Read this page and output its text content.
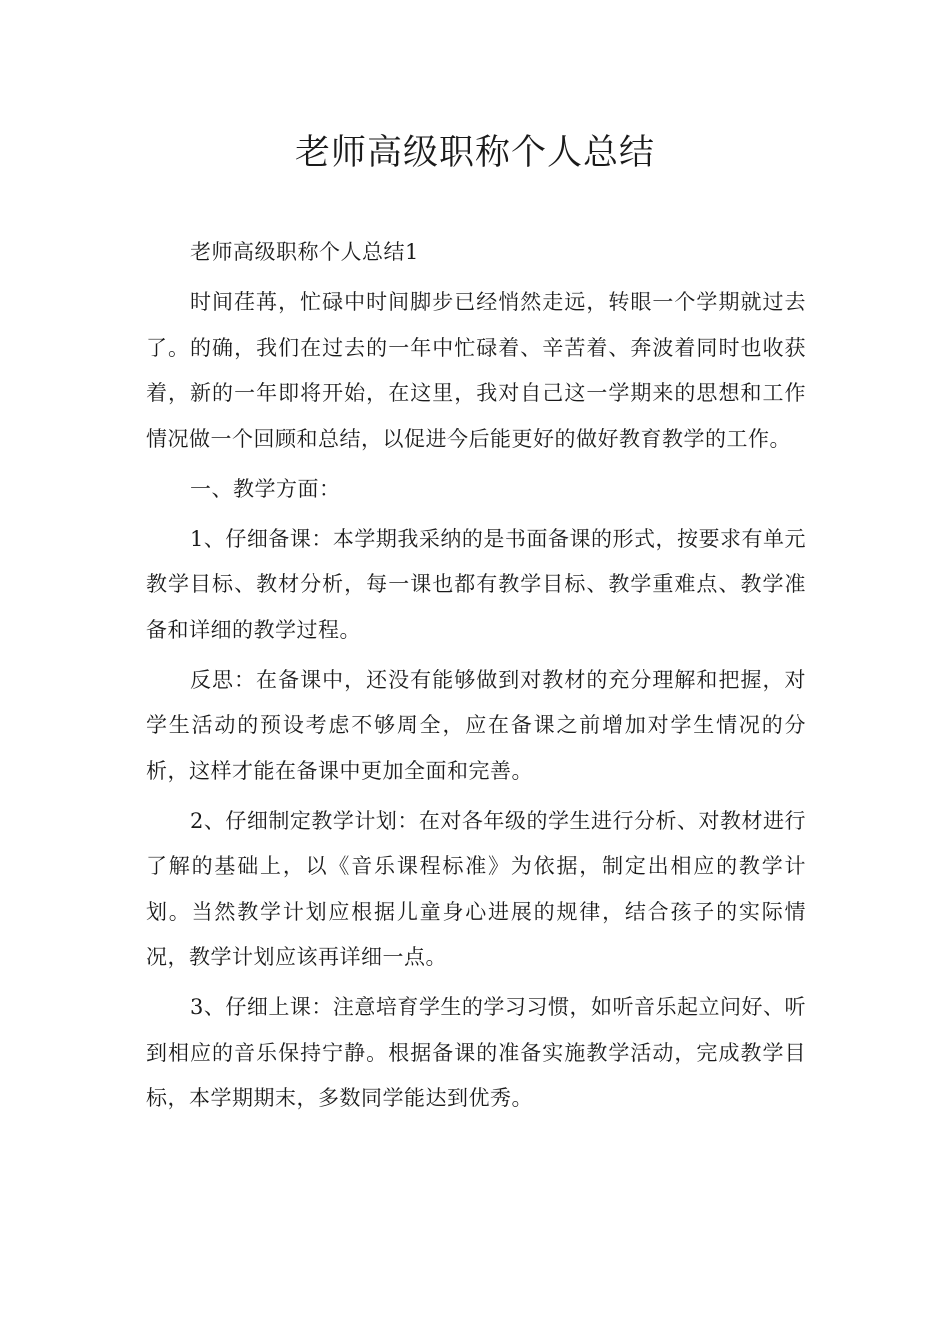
老师高级职称个人总结

老师高级职称个人总结1

时间荏苒，忙碌中时间脚步已经悄然走远，转眼一个学期就过去了。的确，我们在过去的一年中忙碌着、辛苦着、奔波着同时也收获着，新的一年即将开始，在这里，我对自己这一学期来的思想和工作情况做一个回顾和总结，以促进今后能更好的做好教育教学的工作。

一、教学方面：

1、仔细备课：本学期我采纳的是书面备课的形式，按要求有单元教学目标、教材分析，每一课也都有教学目标、教学重难点、教学准备和详细的教学过程。

反思：在备课中，还没有能够做到对教材的充分理解和把握，对学生活动的预设考虑不够周全，应在备课之前增加对学生情况的分析，这样才能在备课中更加全面和完善。

2、仔细制定教学计划：在对各年级的学生进行分析、对教材进行了解的基础上，以《音乐课程标准》为依据，制定出相应的教学计划。当然教学计划应根据儿童身心进展的规律，结合孩子的实际情况，教学计划应该再详细一点。

3、仔细上课：注意培育学生的学习习惯，如听音乐起立问好、听到相应的音乐保持宁静。根据备课的准备实施教学活动，完成教学目标，本学期期末，多数同学能达到优秀。
